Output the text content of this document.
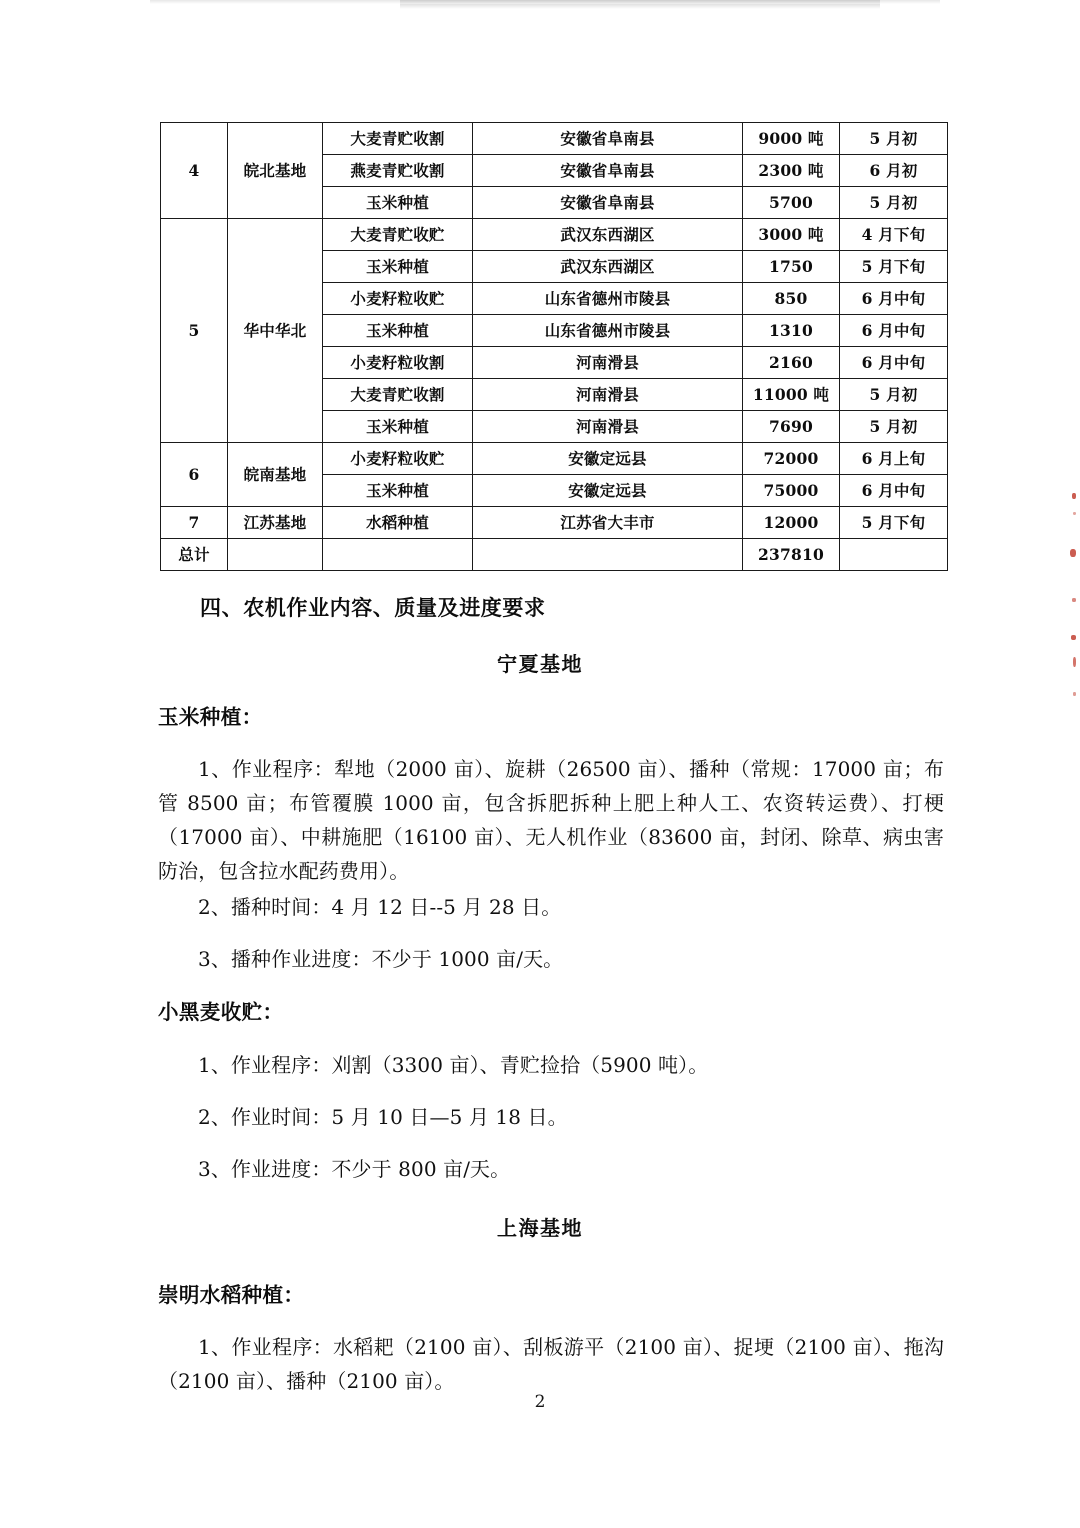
4	皖北基地	大麦青贮收割	安徽省阜南县	9000 吨	5 月初
		燕麦青贮收割	安徽省阜南县	2300 吨	6 月初
		玉米种植	安徽省阜南县	5700	5 月初
5	华中华北	大麦青贮收贮	武汉东西湖区	3000 吨	4 月下旬
		玉米种植	武汉东西湖区	1750	5 月下旬
		小麦籽粒收贮	山东省德州市陵县	850	6 月中旬
		玉米种植	山东省德州市陵县	1310	6 月中旬
		小麦籽粒收割	河南滑县	2160	6 月中旬
		大麦青贮收割	河南滑县	11000 吨	5 月初
		玉米种植	河南滑县	7690	5 月初
6	皖南基地	小麦籽粒收贮	安徽定远县	72000	6 月上旬
		玉米种植	安徽定远县	75000	6 月中旬
7	江苏基地	水稻种植	江苏省大丰市	12000	5 月下旬
总计				237810	
四、农机作业内容、质量及进度要求
宁夏基地
玉米种植：
1、作业程序：犁地（2000 亩）、旋耕（26500 亩）、播种（常规：17000 亩；布管 8500 亩；布管覆膜 1000 亩，包含拆肥拆种上肥上种人工、农资转运费）、打梗（17000 亩）、中耕施肥（16100 亩）、无人机作业（83600 亩，封闭、除草、病虫害防治，包含拉水配药费用）。
2、播种时间：4 月 12 日--5 月 28 日。
3、播种作业进度：不少于 1000 亩/天。
小黑麦收贮：
1、作业程序：刈割（3300 亩）、青贮捡拾（5900 吨）。
2、作业时间：5 月 10 日—5 月 18 日。
3、作业进度：不少于 800 亩/天。
上海基地
崇明水稻种植：
1、作业程序：水稻耙（2100 亩）、刮板游平（2100 亩）、捉埂（2100 亩）、拖沟（2100 亩）、播种（2100 亩）。
2
